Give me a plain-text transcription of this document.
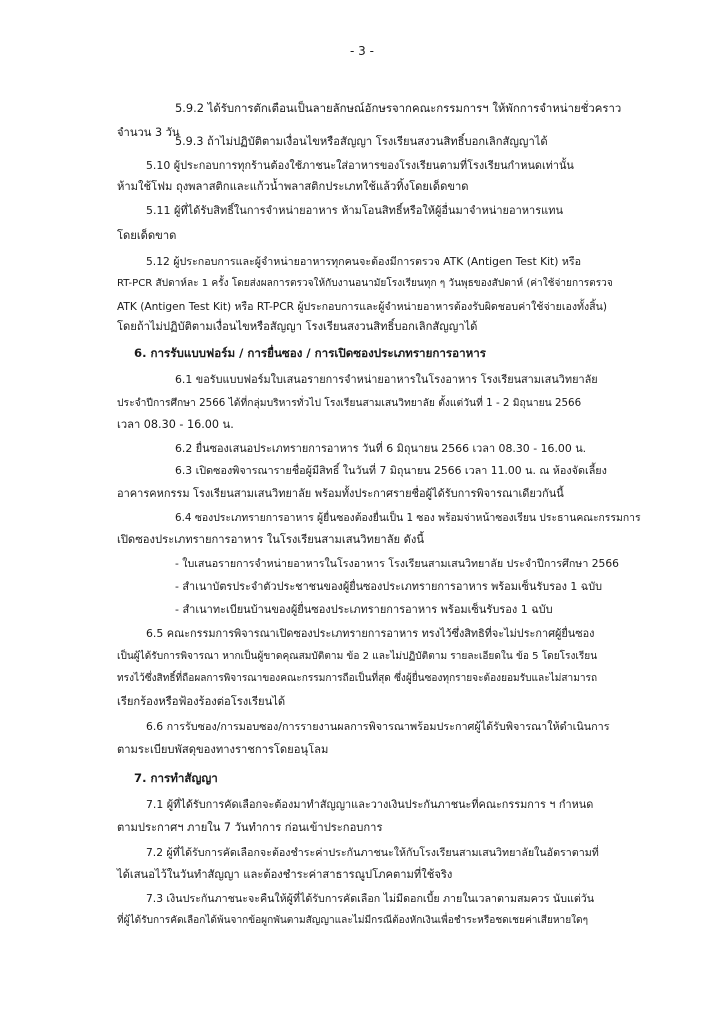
- 3 -
5.9.2 ได้รับการตักเตือนเป็นลายลักษณ์อักษรจากคณะกรรมการฯ ให้พักการจำหน่ายชั่วคราว
จำนวน 3 วัน
5.9.3 ถ้าไม่ปฏิบัติตามเงื่อนไขหรือสัญญา โรงเรียนสงวนสิทธิ์บอกเลิกสัญญาได้
5.10 ผู้ประกอบการทุกร้านต้องใช้ภาชนะใส่อาหารของโรงเรียนตามที่โรงเรียนกำหนดเท่านั้น
ห้ามใช้โฟม ถุงพลาสติกและแก้วน้ำพลาสติกประเภทใช้แล้วทิ้งโดยเด็ดขาด
5.11 ผู้ที่ได้รับสิทธิ์ในการจำหน่ายอาหาร ห้ามโอนสิทธิ์หรือให้ผู้อื่นมาจำหน่ายอาหารแทน
โดยเด็ดขาด
5.12 ผู้ประกอบการและผู้จำหน่ายอาหารทุกคนจะต้องมีการตรวจ ATK (Antigen Test Kit) หรือ
RT-PCR สัปดาห์ละ 1 ครั้ง โดยส่งผลการตรวจให้กับงานอนามัยโรงเรียนทุก ๆ วันพุธของสัปดาห์ (ค่าใช้จ่ายการตรวจ
ATK (Antigen Test Kit) หรือ RT-PCR ผู้ประกอบการและผู้จำหน่ายอาหารต้องรับผิดชอบค่าใช้จ่ายเองทั้งสิ้น)
โดยถ้าไม่ปฏิบัติตามเงื่อนไขหรือสัญญา โรงเรียนสงวนสิทธิ์บอกเลิกสัญญาได้
6. การรับแบบฟอร์ม / การยื่นซอง / การเปิดซองประเภทรายการอาหาร
6.1 ขอรับแบบฟอร์มใบเสนอรายการจำหน่ายอาหารในโรงอาหาร โรงเรียนสามเสนวิทยาลัย
ประจำปีการศึกษา 2566 ได้ที่กลุ่มบริหารทั่วไป โรงเรียนสามเสนวิทยาลัย ตั้งแต่วันที่ 1 - 2 มิถุนายน 2566
เวลา 08.30 - 16.00 น.
6.2 ยื่นซองเสนอประเภทรายการอาหาร วันที่ 6 มิถุนายน 2566 เวลา 08.30 - 16.00 น.
6.3 เปิดซองพิจารณารายชื่อผู้มีสิทธิ์ ในวันที่ 7 มิถุนายน 2566 เวลา 11.00 น. ณ ห้องจัดเลี้ยง
อาคารคหกรรม โรงเรียนสามเสนวิทยาลัย พร้อมทั้งประกาศรายชื่อผู้ได้รับการพิจารณาเดียวกันนี้
6.4 ซองประเภทรายการอาหาร ผู้ยื่นซองต้องยื่นเป็น 1 ซอง พร้อมจ่าหน้าซองเรียน ประธานคณะกรรมการ
เปิดซองประเภทรายการอาหาร ในโรงเรียนสามเสนวิทยาลัย ดังนี้
- ใบเสนอรายการจำหน่ายอาหารในโรงอาหาร โรงเรียนสามเสนวิทยาลัย ประจำปีการศึกษา 2566
- สำเนาบัตรประจำตัวประชาชนของผู้ยื่นซองประเภทรายการอาหาร พร้อมเซ็นรับรอง 1 ฉบับ
- สำเนาทะเบียนบ้านของผู้ยื่นซองประเภทรายการอาหาร พร้อมเซ็นรับรอง 1 ฉบับ
6.5 คณะกรรมการพิจารณาเปิดซองประเภทรายการอาหาร ทรงไว้ซึ่งสิทธิที่จะไม่ประกาศผู้ยื่นซอง
เป็นผู้ได้รับการพิจารณา หากเป็นผู้ขาดคุณสมบัติตาม ข้อ 2 และไม่ปฏิบัติตาม รายละเอียดใน ข้อ 5 โดยโรงเรียน
ทรงไว้ซึ่งสิทธิ์ที่ถือผลการพิจารณาของคณะกรรมการถือเป็นที่สุด ซึ่งผู้ยื่นซองทุกรายจะต้องยอมรับและไม่สามารถ
เรียกร้องหรือฟ้องร้องต่อโรงเรียนได้
6.6 การรับซอง/การมอบซอง/การรายงานผลการพิจารณาพร้อมประกาศผู้ได้รับพิจารณาให้ดำเนินการ
ตามระเบียบพัสดุของทางราชการโดยอนุโลม
7. การทำสัญญา
7.1 ผู้ที่ได้รับการคัดเลือกจะต้องมาทำสัญญาและวางเงินประกันภาชนะที่คณะกรรมการ ฯ กำหนด
ตามประกาศฯ ภายใน 7 วันทำการ ก่อนเข้าประกอบการ
7.2 ผู้ที่ได้รับการคัดเลือกจะต้องชำระค่าประกันภาชนะให้กับโรงเรียนสามเสนวิทยาลัยในอัตราตามที่
ได้เสนอไว้ในวันทำสัญญา และต้องชำระค่าสาธารณูปโภคตามที่ใช้จริง
7.3 เงินประกันภาชนะจะคืนให้ผู้ที่ได้รับการคัดเลือก ไม่มีดอกเบี้ย ภายในเวลาตามสมควร นับแต่วัน
ที่ผู้ได้รับการคัดเลือกได้พ้นจากข้อผูกพันตามสัญญาและไม่มีกรณีต้องหักเงินเพื่อชำระหรือชดเชยค่าเสียหายใดๆ
